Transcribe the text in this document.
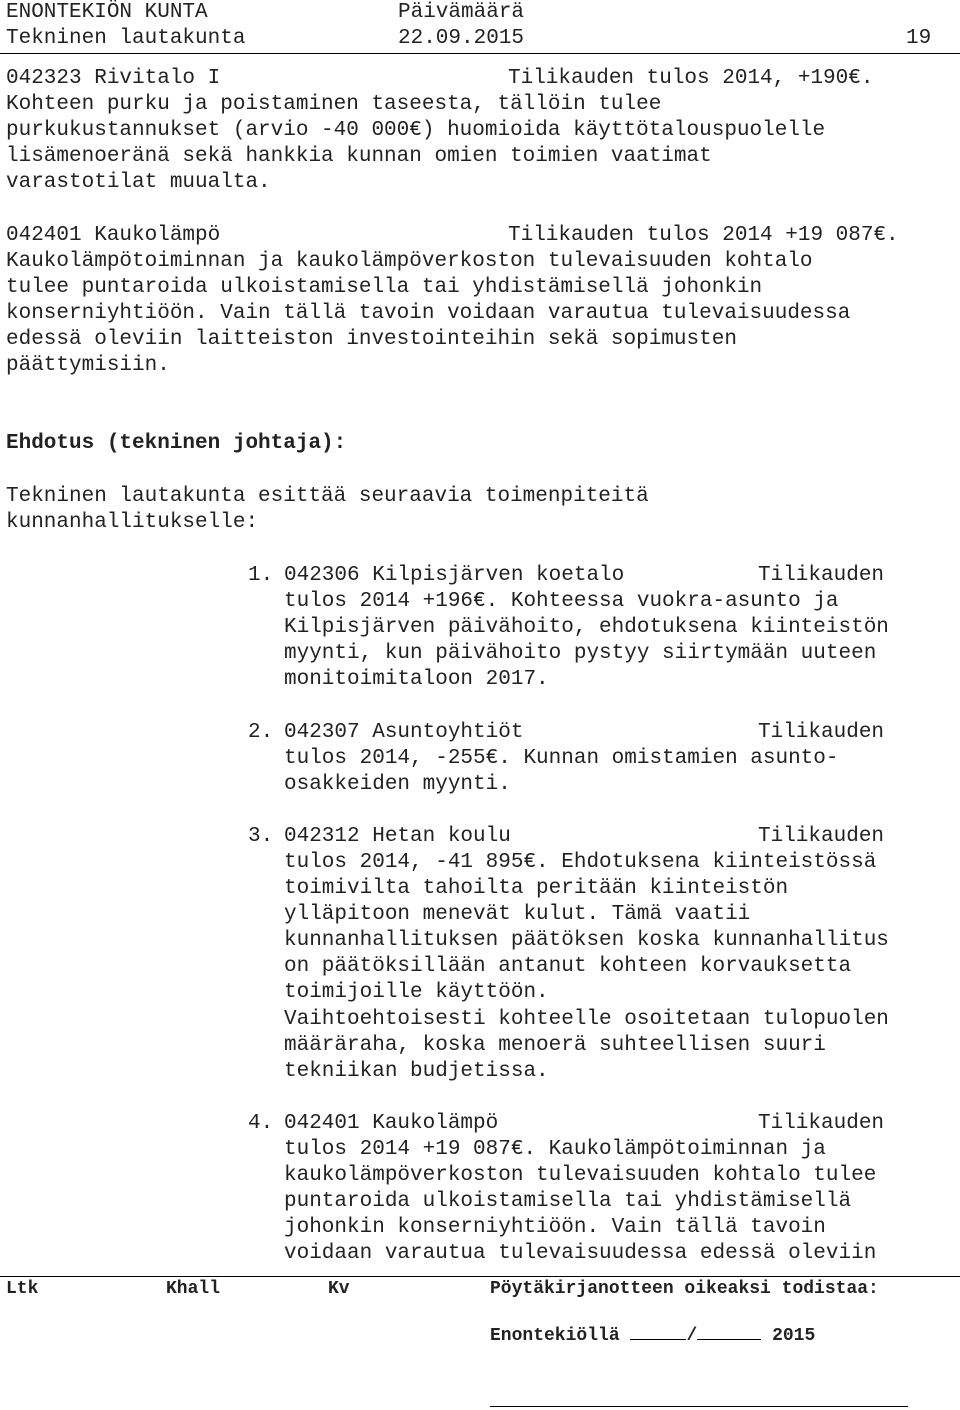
ENONTEKIÖN KUNTA	Päivämäärä
Tekninen lautakunta	22.09.2015	19
042323 Rivitalo I	Tilikauden tulos 2014, +190€.
Kohteen purku ja poistaminen taseesta, tällöin tulee
purkukustannukset (arvio -40 000€) huomioida käyttötalouspuolelle
lisämenoeränä sekä hankkia kunnan omien toimien vaatimat
varastotilat muualta.
042401 Kaukolämpö	Tilikauden tulos 2014 +19 087€.
Kaukolämpötoiminnan ja kaukolämpöverkoston tulevaisuuden kohtalo
tulee puntaroida ulkoistamisella tai yhdistämisellä johonkin
konserniyhtiöön. Vain tällä tavoin voidaan varautua tulevaisuudessa
edessä oleviin laitteiston investointeihin sekä sopimusten
päättymisiin.
Ehdotus (tekninen johtaja):
Tekninen lautakunta esittää seuraavia toimenpiteitä
kunnanhallitukselle:
1. 042306 Kilpisjärven koetalo	Tilikauden
tulos 2014 +196€. Kohteessa vuokra-asunto ja
Kilpisjärven päivähoito, ehdotuksena kiinteistön
myynti, kun päivähoito pystyy siirtymään uuteen
monitoimitaloon 2017.
2. 042307 Asuntoyhtiöt	Tilikauden
tulos 2014, -255€. Kunnan omistamien asunto-
osakkeiden myynti.
3. 042312 Hetan koulu	Tilikauden
tulos 2014, -41 895€. Ehdotuksena kiinteistössä
toimivilta tahoilta peritään kiinteistön
ylläpitoon menevät kulut. Tämä vaatii
kunnanhallituksen päätöksen koska kunnanhallitus
on päätöksillään antanut kohteen korvauksetta
toimijoille käyttöön.
Vaihtoehtoisesti kohteelle osoitetaan tulopuolen
määräraha, koska menoerä suhteellisen suuri
tekniikan budjetissa.
4. 042401 Kaukolämpö	Tilikauden
tulos 2014 +19 087€. Kaukolämpötoiminnan ja
kaukolämpöverkoston tulevaisuuden kohtalo tulee
puntaroida ulkoistamisella tai yhdistämisellä
johonkin konserniyhtiöön. Vain tällä tavoin
voidaan varautua tulevaisuudessa edessä oleviin
Ltk	Khall	Kv	Pöytäkirjanotteen oikeaksi todistaa:
Enontekiöllä	/	2015
